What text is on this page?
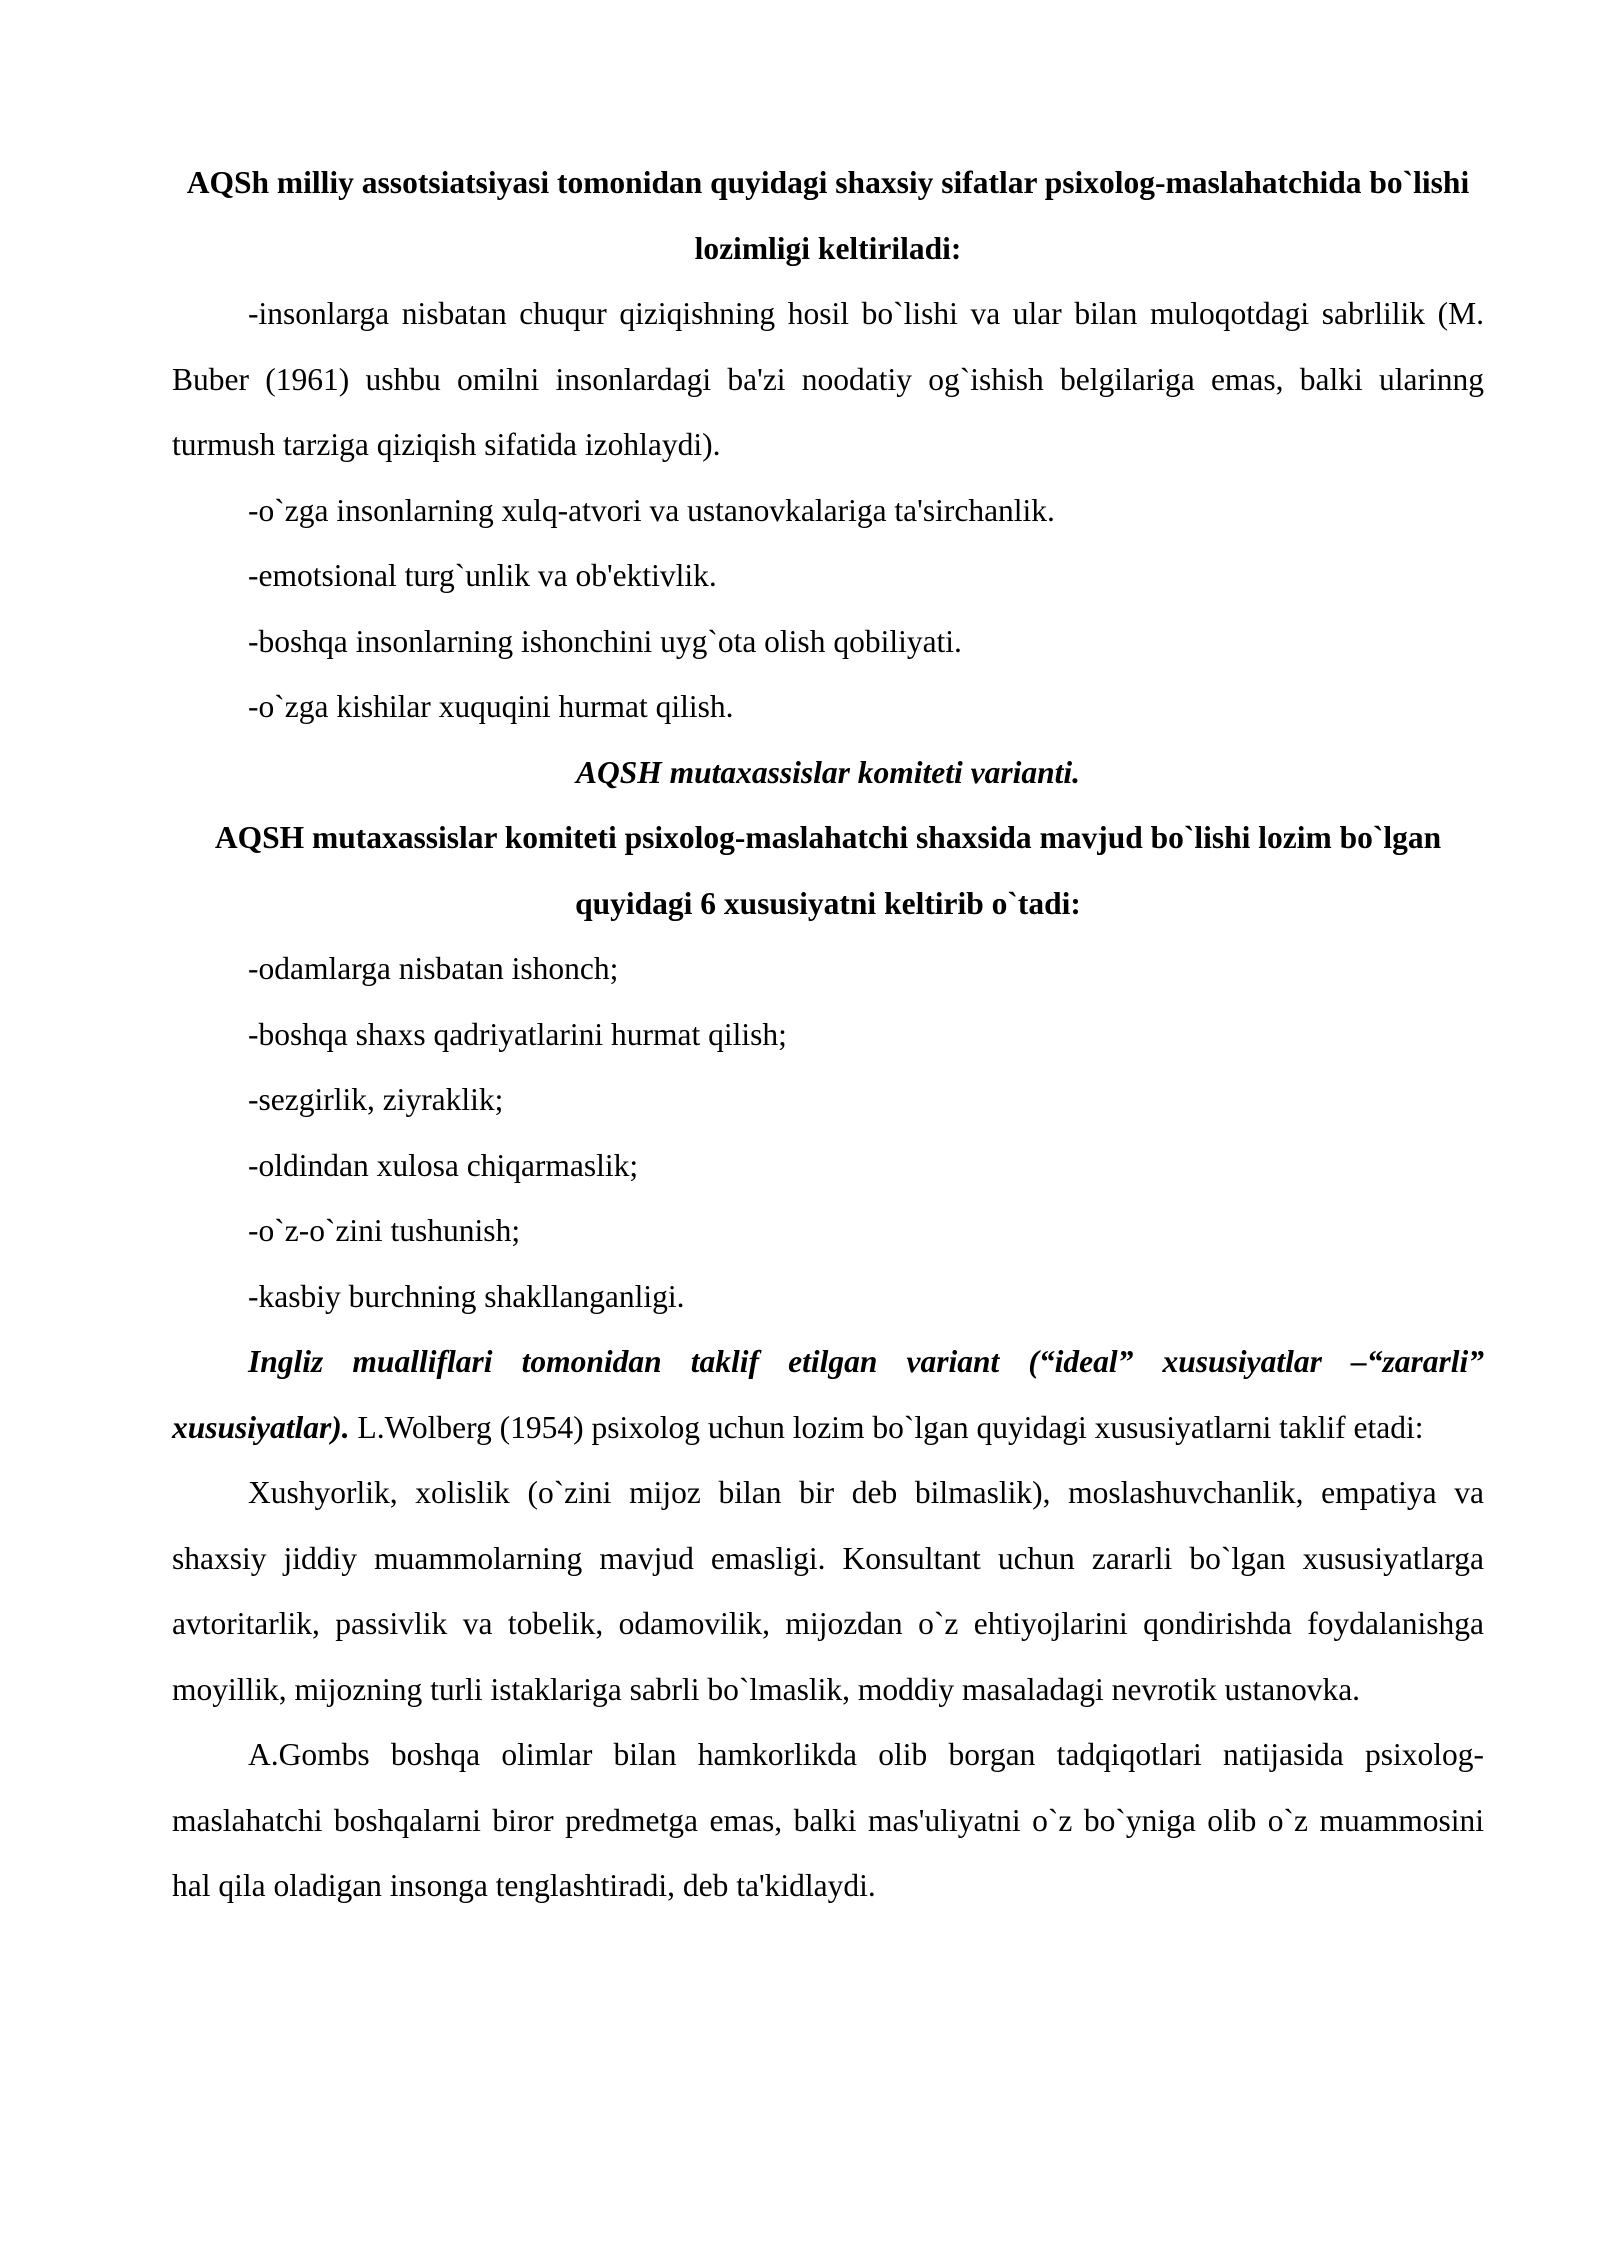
AQSh milliy assotsiatsiyasi tomonidan quyidagi shaxsiy sifatlar psixolog-maslahatchida bo`lishi lozimligi keltiriladi:

-insonlarga nisbatan chuqur qiziqishning hosil bo`lishi va ular bilan muloqotdagi sabrlilik (M. Buber (1961) ushbu omilni insonlardagi ba'zi noodatiy og`ishish belgilariga emas, balki ularinng turmush tarziga qiziqish sifatida izohlaydi).

-o`zga insonlarning xulq-atvori va ustanovkalariga ta'sirchanlik.

-emotsional turg`unlik va ob'ektivlik.

-boshqa insonlarning ishonchini uyg`ota olish qobiliyati.

-o`zga kishilar xuquqini hurmat qilish.

AQSH mutaxassislar komiteti varianti.
AQSH mutaxassislar komiteti psixolog-maslahatchi shaxsida mavjud bo`lishi lozim bo`lgan quyidagi 6 xususiyatni keltirib o`tadi:

-odamlarga nisbatan ishonch;

-boshqa shaxs qadriyatlarini hurmat qilish;

-sezgirlik, ziyraklik;

-oldindan xulosa chiqarmaslik;

-o`z-o`zini tushunish;

-kasbiy burchning shakllanganligi.

Ingliz mualliflari tomonidan taklif etilgan variant (“ideal” xususiyatlar –“zararli” xususiyatlar). L.Wolberg (1954) psixolog uchun lozim bo`lgan quyidagi xususiyatlarni taklif etadi:

Xushyorlik, xolislik (o`zini mijoz bilan bir deb bilmaslik), moslashuvchanlik, empatiya va shaxsiy jiddiy muammolarning mavjud emasligi. Konsultant uchun zararli bo`lgan xususiyatlarga avtoritarlik, passivlik va tobelik, odamovilik, mijozdan o`z ehtiyojlarini qondirishda foydalanishga moyillik, mijozning turli istaklariga sabrli bo`lmaslik, moddiy masaladagi nevrotik ustanovka.

A.Gombs boshqa olimlar bilan hamkorlikda olib borgan tadqiqotlari natijasida psixolog-maslahatchi boshqalarni biror predmetga emas, balki mas'uliyatni o`z bo`yniga olib o`z muammosini hal qila oladigan insonga tenglashtiradi, deb ta'kidlaydi.
